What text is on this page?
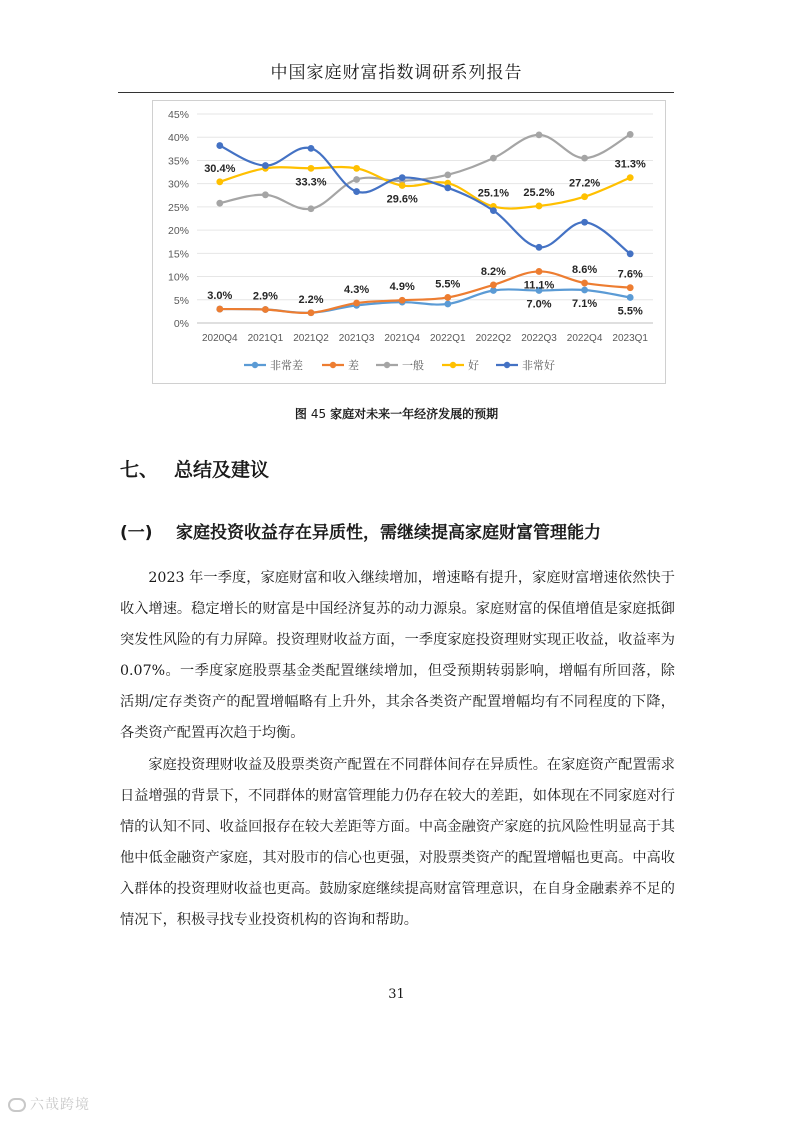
中国家庭财富指数调研系列报告
0%
5%
10%
15%
20%
25%
30%
35%
40%
45%
2020Q4 2021Q1 2021Q2 2021Q3 2021Q4 2022Q1 2022Q2 2022Q3 2022Q4 2023Q1
30.4%
33.3%
29.6%
25.1% 25.2%
27.2%
31.3%
3.0% 2.9% 2.2%
4.3% 4.9% 5.5%
8.2%
11.1%
8.6% 7.6%
7.0% 7.1%
5.5%
非常差	差	一般	好	非常好
图 45 家庭对未来一年经济发展的预期
七、 总结及建议
(一) 家庭投资收益存在异质性，需继续提高家庭财富管理能力

2023 年一季度，家庭财富和收入继续增加，增速略有提升，家庭财富增速依然快于收入增速。稳定增长的财富是中国经济复苏的动力源泉。家庭财富的保值增值是家庭抵御突发性风险的有力屏障。投资理财收益方面，一季度家庭投资理财实现正收益，收益率为 0.07%。一季度家庭股票基金类配置继续增加，但受预期转弱影响，增幅有所回落，除活期/定存类资产的配置增幅略有上升外，其余各类资产配置增幅均有不同程度的下降，各类资产配置再次趋于均衡。

家庭投资理财收益及股票类资产配置在不同群体间存在异质性。在家庭资产配置需求日益增强的背景下，不同群体的财富管理能力仍存在较大的差距，如体现在不同家庭对行情的认知不同、收益回报存在较大差距等方面。中高金融资产家庭的抗风险性明显高于其他中低金融资产家庭，其对股市的信心也更强，对股票类资产的配置增幅也更高。中高收入群体的投资理财收益也更高。鼓励家庭继续提高财富管理意识，在自身金融素养不足的情况下，积极寻找专业投资机构的咨询和帮助。

31
六哉跨境
